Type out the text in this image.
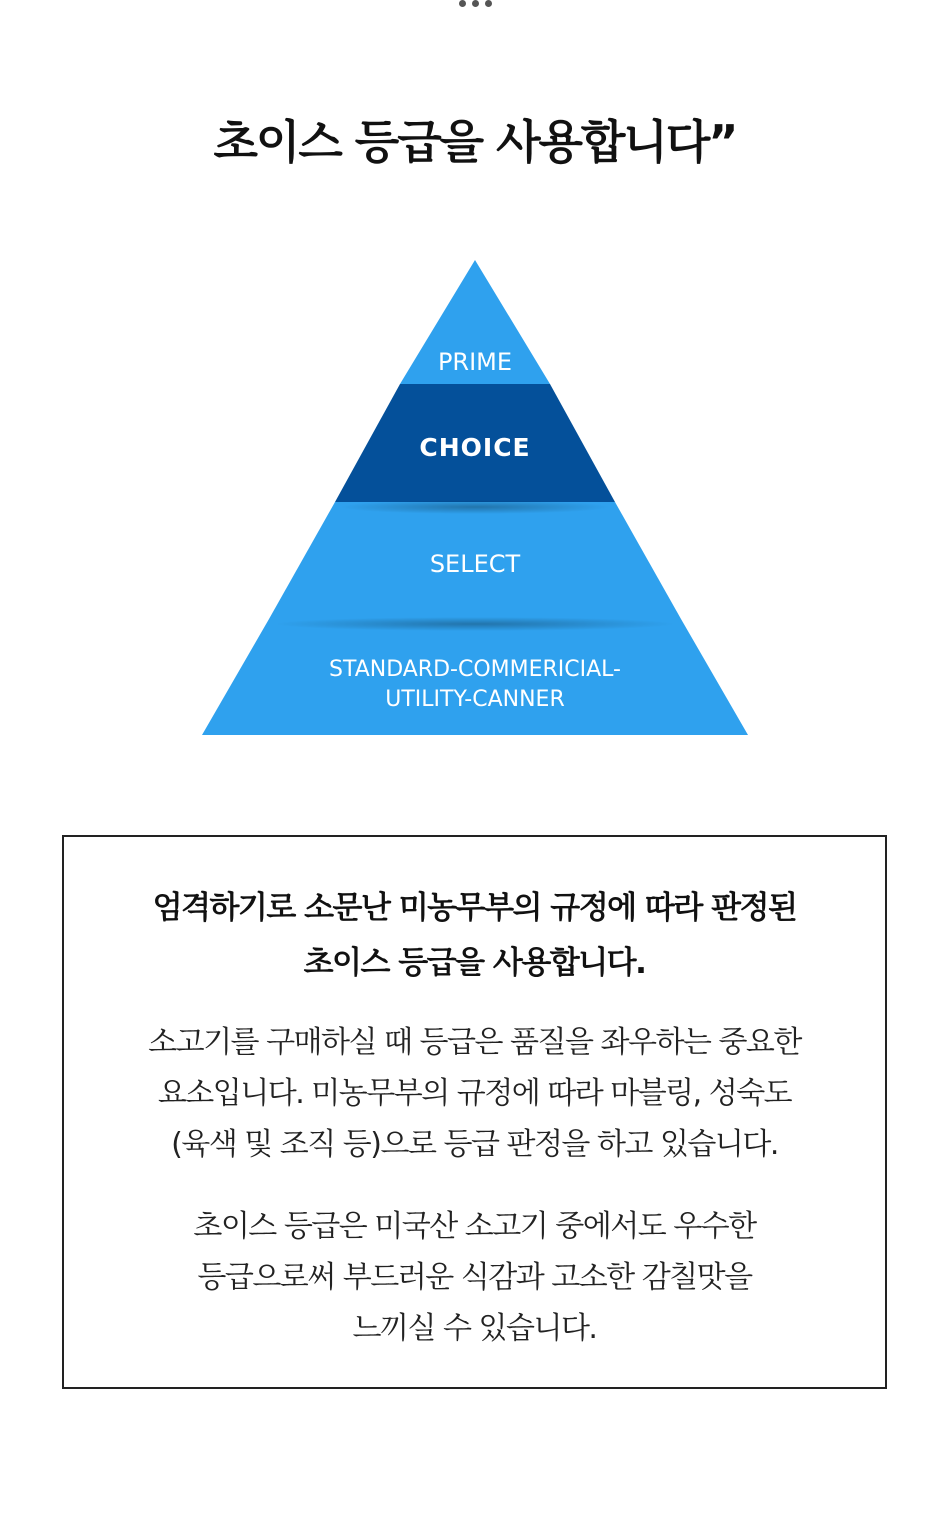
초이스 등급을 사용합니다”
PRIME
CHOICE
SELECT
STANDARD-COMMERICIAL-
UTILITY-CANNER
엄격하기로 소문난 미농무부의 규정에 따라 판정된
초이스 등급을 사용합니다.
소고기를 구매하실 때 등급은 품질을 좌우하는 중요한
요소입니다. 미농무부의 규정에 따라 마블링, 성숙도
(육색 및 조직 등)으로 등급 판정을 하고 있습니다.
초이스 등급은 미국산 소고기 중에서도 우수한
등급으로써 부드러운 식감과 고소한 감칠맛을
느끼실 수 있습니다.
